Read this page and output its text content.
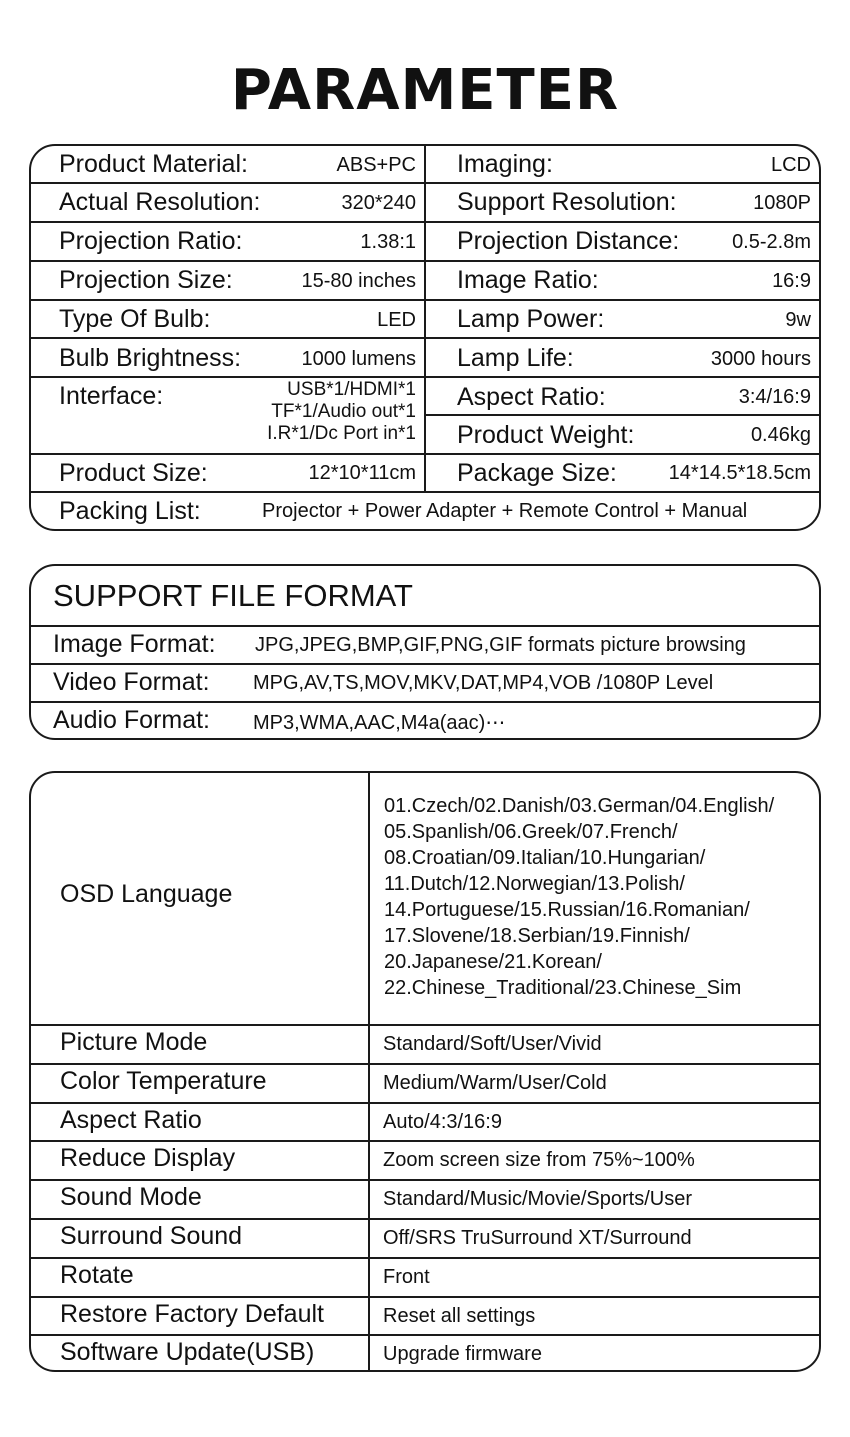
PARAMETER
Product Material:	ABS+PC Imaging:	LCD
Actual Resolution:	320*240 Support Resolution:	1080P
Projection Ratio:	1.38:1 Projection Distance:	0.5-2.8m
Projection Size:	15-80 inches Image Ratio:	16:9
Type Of Bulb:	LED Lamp Power:	9w
Bulb Brightness:	1000 lumens Lamp Life:	3000 hours
Interface:	USB*1/HDMI*1
TF*1/Audio out*1
I.R*1/Dc Port in*1
Aspect Ratio:	3:4/16:9
Product Weight:	0.46kg
Product Size:	12*10*11cm Package Size:	14*14.5*18.5cm
Packing List:	Projector + Power Adapter + Remote Control + Manual
SUPPORT FILE FORMAT
Image Format: JPG,JPEG,BMP,GIF,PNG,GIF formats picture browsing
Video Format: MPG,AV,TS,MOV,MKV,DAT,MP4,VOB /1080P Level
Audio Format: MP3,WMA,AAC,M4a(aac)⋯
OSD Language
01.Czech/02.Danish/03.German/04.English/
05.Spanlish/06.Greek/07.French/
08.Croatian/09.Italian/10.Hungarian/
11.Dutch/12.Norwegian/13.Polish/
14.Portuguese/15.Russian/16.Romanian/
17.Slovene/18.Serbian/19.Finnish/
20.Japanese/21.Korean/
22.Chinese_Traditional/23.Chinese_Sim
Picture Mode	Standard/Soft/User/Vivid
Color Temperature	Medium/Warm/User/Cold
Aspect Ratio	Auto/4:3/16:9
Reduce Display	Zoom screen size from 75%~100%
Sound Mode	Standard/Music/Movie/Sports/User
Surround Sound	Off/SRS TruSurround XT/Surround
Rotate	Front
Restore Factory Default	Reset all settings
Software Update(USB)	Upgrade firmware
